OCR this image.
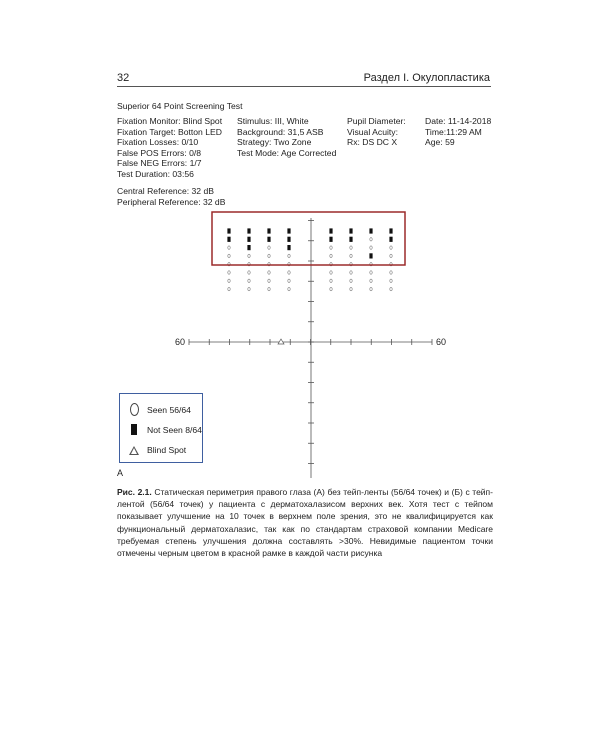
32	Раздел I. Окулопластика
Superior 64 Point Screening Test
Fixation Monitor: Blind Spot
Fixation Target: Botton LED
Fixation Losses: 0/10
False POS Errors: 0/8
False NEG Errors: 1/7
Test Duration: 03:56
Stimulus: III, White
Background: 31,5 ASB
Strategy: Two Zone
Test Mode: Age Corrected
Pupil Diameter:
Visual Acuity:
Rx: DS DC X
Date: 11-14-2018
Time:11:29 AM
Age: 59
Central Reference: 32 dB
Peripheral Reference: 32 dB
60	60
Seen 56/64
Not Seen 8/64
Blind Spot
A
Рис. 2.1. Статическая периметрия правого глаза (А) без тейп-ленты (56/64 точек) и (Б) с тейп-лентой (56/64 точек) у пациента с дерматохалазисом верхних век. Хотя тест с тейпом показывает улучшение на 10 точек в верхнем поле зрения, это не квалифицируется как функциональный дерматохалазис, так как по стандартам страховой компании Medicare требуемая степень улучшения должна составлять >30%. Невидимые пациентом точки отмечены черным цветом в красной рамке в каждой части рисунка
